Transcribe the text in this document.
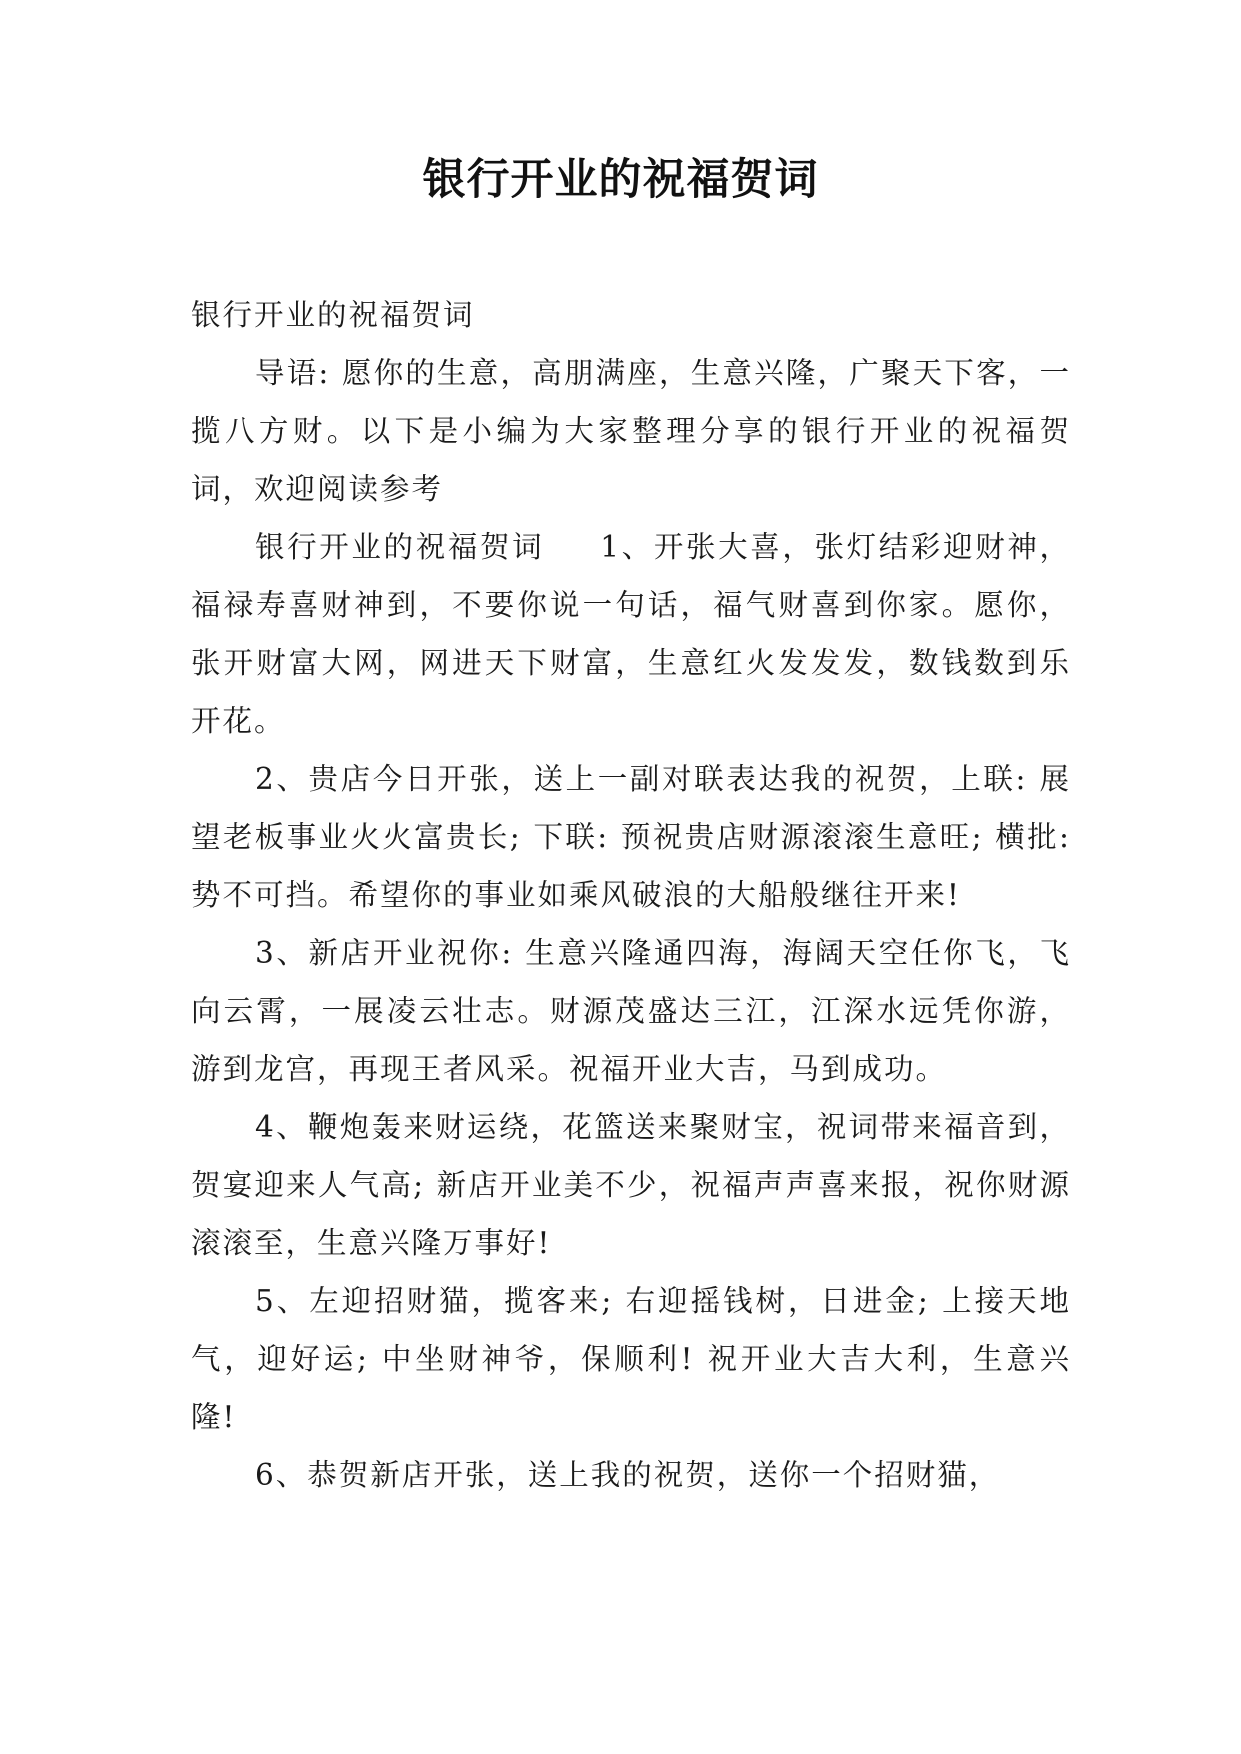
银行开业的祝福贺词

银行开业的祝福贺词

导语: 愿你的生意，高朋满座，生意兴隆，广聚天下客，一揽八方财。以下是小编为大家整理分享的银行开业的祝福贺词，欢迎阅读参考

银行开业的祝福贺词 1、开张大喜，张灯结彩迎财神，福禄寿喜财神到，不要你说一句话，福气财喜到你家。愿你，张开财富大网，网进天下财富，生意红火发发发，数钱数到乐开花。

2、贵店今日开张，送上一副对联表达我的祝贺，上联: 展望老板事业火火富贵长; 下联: 预祝贵店财源滚滚生意旺; 横批: 势不可挡。希望你的事业如乘风破浪的大船般继往开来!

3、新店开业祝你: 生意兴隆通四海，海阔天空任你飞，飞向云霄，一展凌云壮志。财源茂盛达三江，江深水远凭你游，游到龙宫，再现王者风采。祝福开业大吉，马到成功。

4、鞭炮轰来财运绕，花篮送来聚财宝，祝词带来福音到，贺宴迎来人气高; 新店开业美不少，祝福声声喜来报，祝你财源滚滚至，生意兴隆万事好!

5、左迎招财猫，揽客来; 右迎摇钱树，日进金; 上接天地气，迎好运; 中坐财神爷，保顺利! 祝开业大吉大利，生意兴隆!

6、恭贺新店开张，送上我的祝贺，送你一个招财猫，
